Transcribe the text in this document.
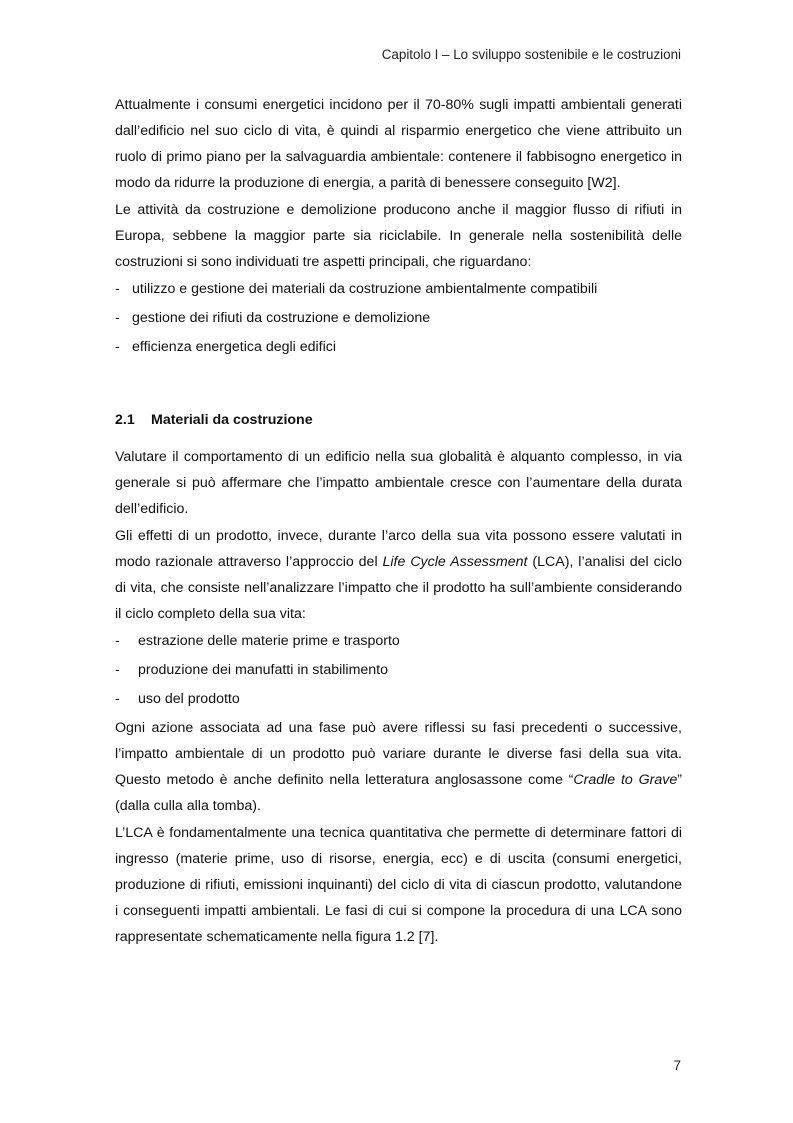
Capitolo I – Lo sviluppo sostenibile e le costruzioni

Attualmente i consumi energetici incidono per il 70-80% sugli impatti ambientali generati dall’edificio nel suo ciclo di vita, è quindi al risparmio energetico che viene attribuito un ruolo di primo piano per la salvaguardia ambientale: contenere il fabbisogno energetico in modo da ridurre la produzione di energia, a parità di benessere conseguito [W2].

Le attività da costruzione e demolizione producono anche il maggior flusso di rifiuti in Europa, sebbene la maggior parte sia riciclabile. In generale nella sostenibilità delle costruzioni si sono individuati tre aspetti principali, che riguardano:

- utilizzo e gestione dei materiali da costruzione ambientalmente compatibili
- gestione dei rifiuti da costruzione e demolizione
- efficienza energetica degli edifici
2.1 Materiali da costruzione

Valutare il comportamento di un edificio nella sua globalità è alquanto complesso, in via generale si può affermare che l’impatto ambientale cresce con l’aumentare della durata dell’edificio.

Gli effetti di un prodotto, invece, durante l’arco della sua vita possono essere valutati in modo razionale attraverso l’approccio del Life Cycle Assessment (LCA), l’analisi del ciclo di vita, che consiste nell’analizzare l’impatto che il prodotto ha sull’ambiente considerando il ciclo completo della sua vita:

- estrazione delle materie prime e trasporto
- produzione dei manufatti in stabilimento
- uso del prodotto

Ogni azione associata ad una fase può avere riflessi su fasi precedenti o successive, l’impatto ambientale di un prodotto può variare durante le diverse fasi della sua vita. Questo metodo è anche definito nella letteratura anglosassone come “Cradle to Grave” (dalla culla alla tomba).

L’LCA è fondamentalmente una tecnica quantitativa che permette di determinare fattori di ingresso (materie prime, uso di risorse, energia, ecc) e di uscita (consumi energetici, produzione di rifiuti, emissioni inquinanti) del ciclo di vita di ciascun prodotto, valutandone i conseguenti impatti ambientali. Le fasi di cui si compone la procedura di una LCA sono rappresentate schematicamente nella figura 1.2 [7].

7
